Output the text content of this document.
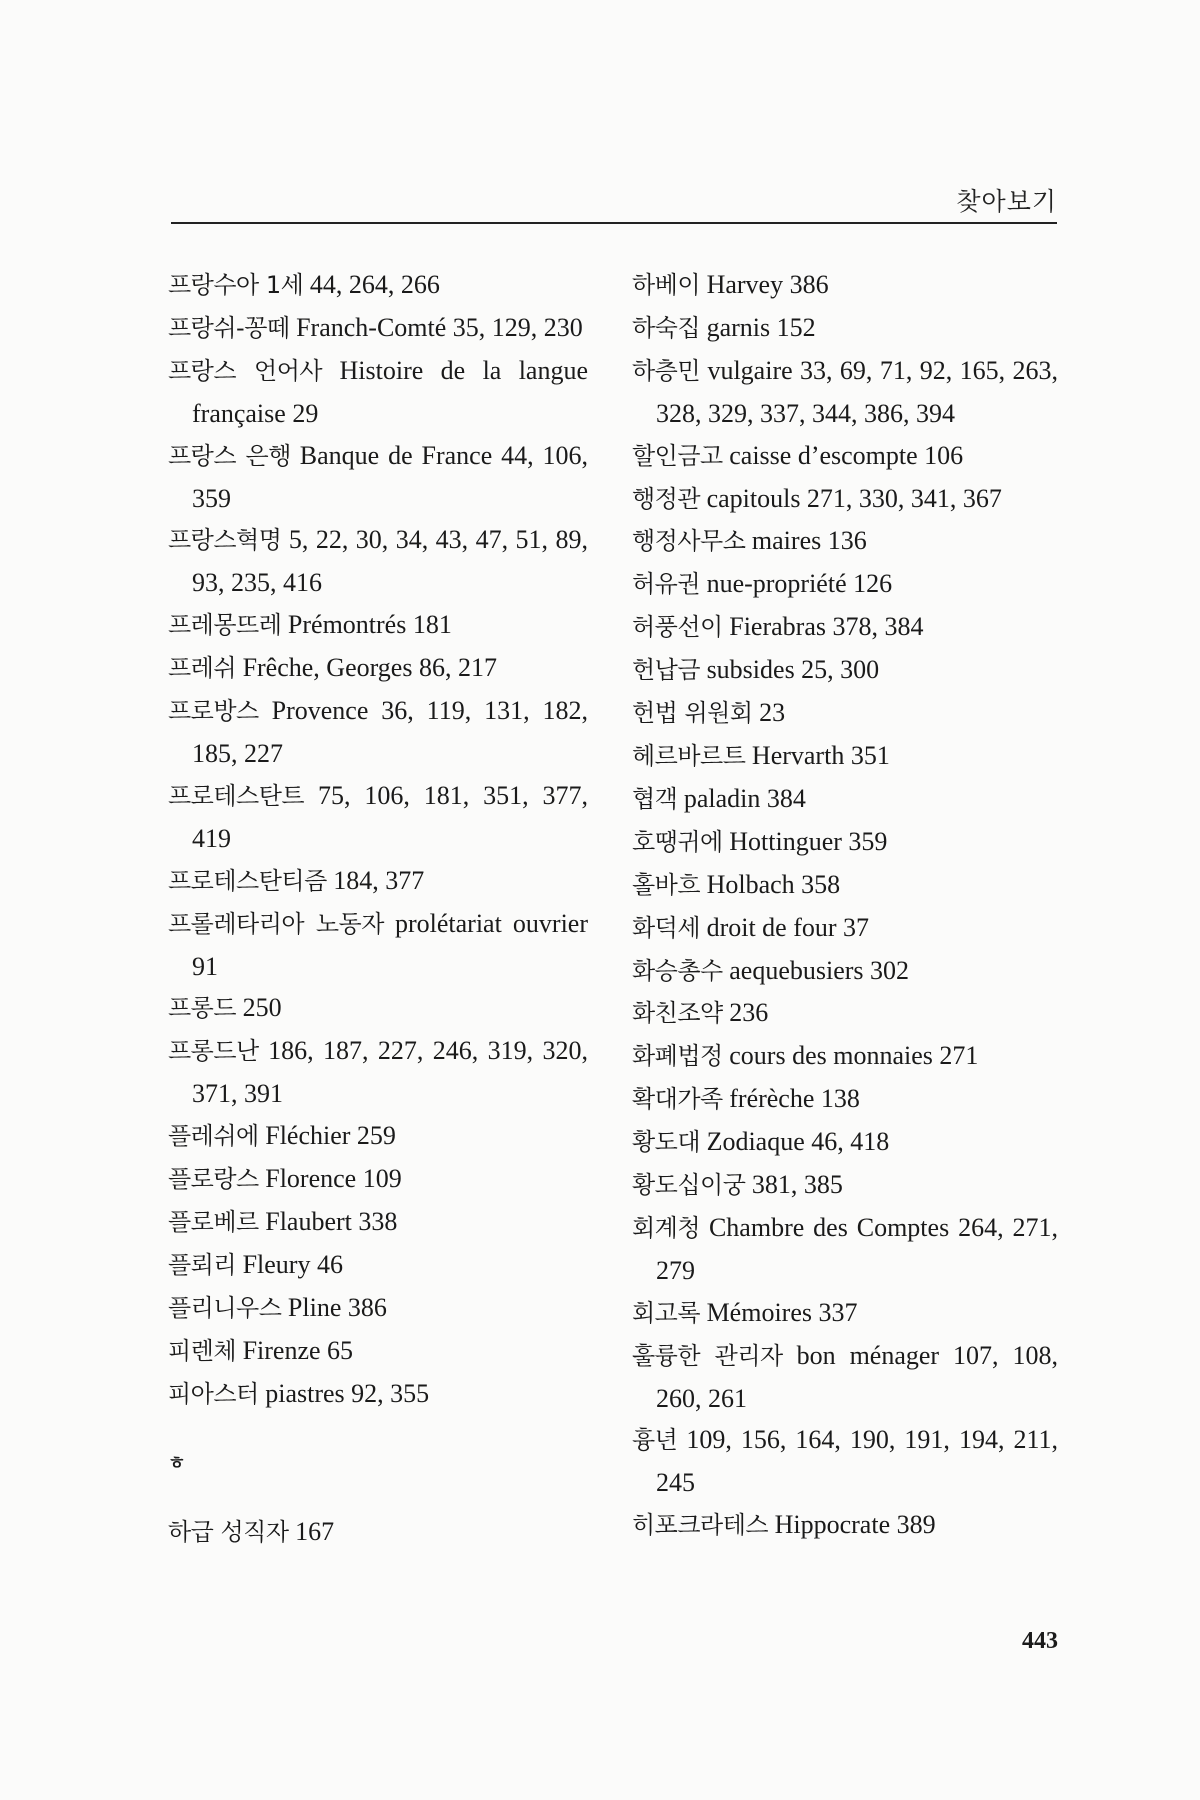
찾아보기

프랑수아 1세 44, 264, 266

프랑쉬-꽁떼 Franch-Comté 35, 129, 230

프랑스 언어사 Histoire de la langue française 29

프랑스 은행 Banque de France 44, 106, 359

프랑스혁명 5, 22, 30, 34, 43, 47, 51, 89, 93, 235, 416

프레몽뜨레 Prémontrés 181

프레쉬 Frêche, Georges 86, 217

프로방스 Provence 36, 119, 131, 182, 185, 227

프로테스탄트 75, 106, 181, 351, 377, 419

프로테스탄티즘 184, 377

프롤레타리아 노동자 prolétariat ouvrier 91

프롱드 250

프롱드난 186, 187, 227, 246, 319, 320, 371, 391

플레쉬에 Fléchier 259

플로랑스 Florence 109

플로베르 Flaubert 338

플뢰리 Fleury 46

플리니우스 Pline 386

피렌체 Firenze 65

피아스터 piastres 92, 355

ㅎ

하급 성직자 167

하베이 Harvey 386

하숙집 garnis 152

하층민 vulgaire 33, 69, 71, 92, 165, 263, 328, 329, 337, 344, 386, 394

할인금고 caisse d’escompte 106

행정관 capitouls 271, 330, 341, 367

행정사무소 maires 136

허유권 nue-propriété 126

허풍선이 Fierabras 378, 384

헌납금 subsides 25, 300

헌법 위원회 23

헤르바르트 Hervarth 351

협객 paladin 384

호땡귀에 Hottinguer 359

홀바흐 Holbach 358

화덕세 droit de four 37

화승총수 aequebusiers 302

화친조약 236

화폐법정 cours des monnaies 271

확대가족 frérèche 138

황도대 Zodiaque 46, 418

황도십이궁 381, 385

회계청 Chambre des Comptes 264, 271, 279

회고록 Mémoires 337

훌륭한 관리자 bon ménager 107, 108, 260, 261

흉년 109, 156, 164, 190, 191, 194, 211, 245

히포크라테스 Hippocrate 389

443
